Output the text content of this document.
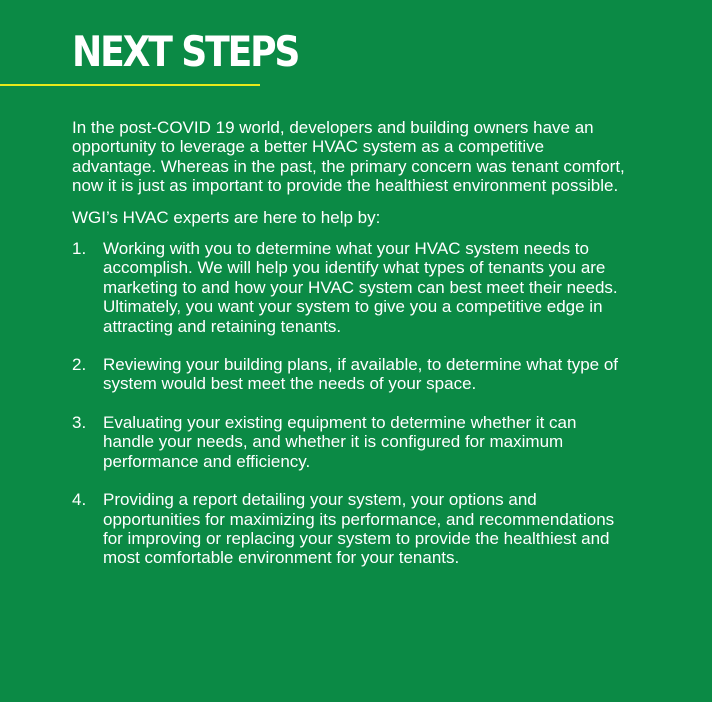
NEXT STEPS

In the post-COVID 19 world, developers and building owners have an opportunity to leverage a better HVAC system as a competitive advantage. Whereas in the past, the primary concern was tenant comfort, now it is just as important to provide the healthiest environment possible.

WGI’s HVAC experts are here to help by:

1. Working with you to determine what your HVAC system needs to accomplish. We will help you identify what types of tenants you are marketing to and how your HVAC system can best meet their needs. Ultimately, you want your system to give you a competitive edge in attracting and retaining tenants.
2. Reviewing your building plans, if available, to determine what type of system would best meet the needs of your space.
3. Evaluating your existing equipment to determine whether it can handle your needs, and whether it is configured for maximum performance and efficiency.
4. Providing a report detailing your system, your options and opportunities for maximizing its performance, and recommendations for improving or replacing your system to provide the healthiest and most comfortable environment for your tenants.
